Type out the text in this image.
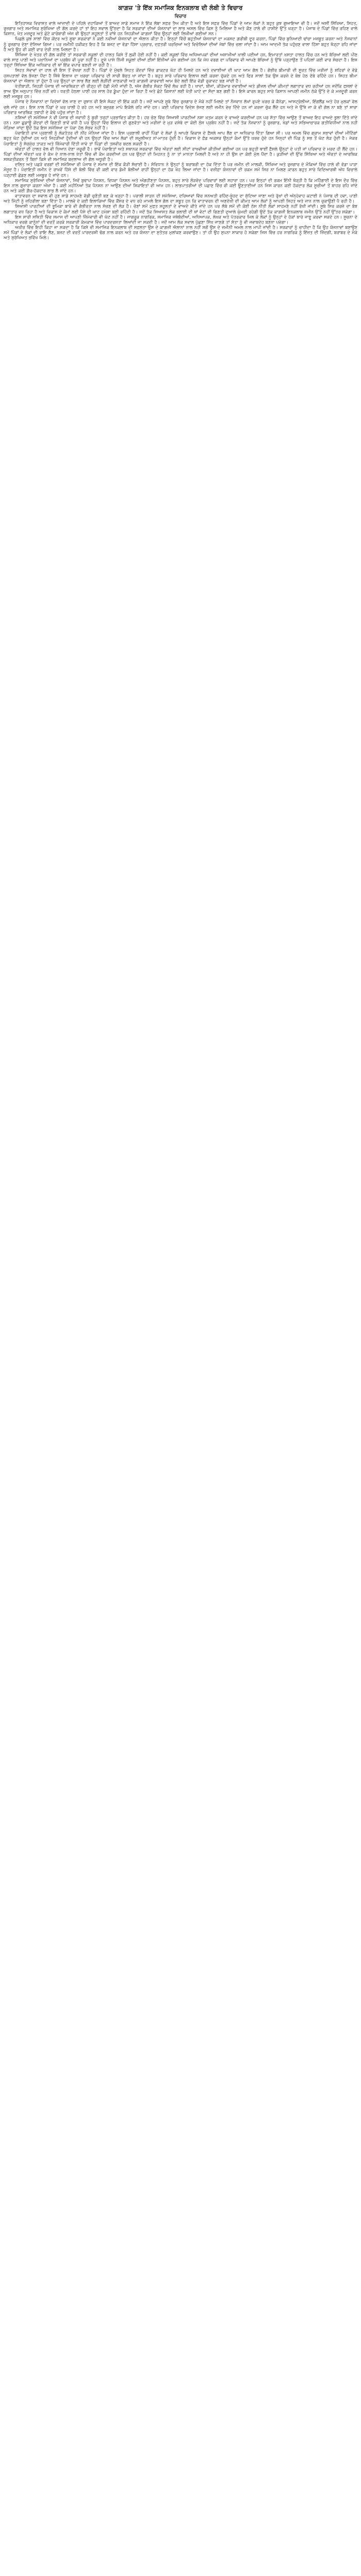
ਕਾਗ਼ਜ਼ 'ਤੇ ਇੱਕ ਸਮਾਜਿਕ ਇਨਕਲਾਬ ਦੀ ਲੰਬੀ ਤੇ ਵਿਚਾਰ
ਵਿਚਾਰ

ਇਤਿਹਾਸਕ ਵਿਰਾਸਤ ਵਾਲੇ ਆਜ਼ਾਦੀ ਦੇ ਪਹਿਲੇ ਦਹਾਕਿਆਂ ਤੋਂ ਬਾਅਦ ਸਾਡੇ ਸਮਾਜ ਨੇ ਇੱਕ ਲੰਬਾ ਸਫ਼ਰ ਤੈਅ ਕੀਤਾ ਹੈ ਅਤੇ ਇਸ ਸਫ਼ਰ ਵਿੱਚ ਪਿੰਡਾਂ ਦੇ ਆਮ ਲੋਕਾਂ ਨੇ ਬਹੁਤ ਕੁਝ ਗੁਆਇਆ ਵੀ ਹੈ। ਜਦੋਂ ਅਸੀਂ ਸਿੱਖਿਆ, ਸਿਹਤ, ਰੁਜ਼ਗਾਰ ਅਤੇ ਸਮਾਜਿਕ ਸੁਰੱਖਿਆ ਦੀ ਗੱਲ ਕਰਦੇ ਹਾਂ ਤਾਂ ਇਹ ਸਵਾਲ ਉੱਠਦਾ ਹੈ ਕਿ ਸਰਕਾਰਾਂ ਦੀਆਂ ਯੋਜਨਾਵਾਂ ਦਾ ਲਾਭ ਅਸਲ ਵਿੱਚ ਕਿਸ ਨੂੰ ਮਿਲਿਆ ਹੈ ਅਤੇ ਕੌਣ ਹਾਲੇ ਵੀ ਹਾਸ਼ੀਏ ਉੱਤੇ ਖੜ੍ਹਾ ਹੈ। ਪੰਜਾਬ ਦੇ ਪਿੰਡਾਂ ਵਿੱਚ ਰਹਿਣ ਵਾਲੇ ਕਿਸਾਨ, ਖੇਤ ਮਜ਼ਦੂਰ ਅਤੇ ਛੋਟੇ ਕਾਰੋਬਾਰੀ ਅੱਜ ਵੀ ਉਨ੍ਹਾਂ ਸਹੂਲਤਾਂ ਤੋਂ ਵਾਂਝੇ ਹਨ ਜਿਹੜੀਆਂ ਕਾਗ਼ਜ਼ਾਂ ਵਿੱਚ ਉਨ੍ਹਾਂ ਲਈ ਲਿਖੀਆਂ ਗਈਆਂ ਸਨ।

ਪਿਛਲੇ ਕੁਝ ਸਾਲਾਂ ਵਿੱਚ ਕੇਂਦਰ ਅਤੇ ਸੂਬਾ ਸਰਕਾਰਾਂ ਨੇ ਕਈ ਨਵੀਆਂ ਯੋਜਨਾਵਾਂ ਦਾ ਐਲਾਨ ਕੀਤਾ ਹੈ। ਇਨ੍ਹਾਂ ਵਿੱਚੋਂ ਬਹੁਤੀਆਂ ਯੋਜਨਾਵਾਂ ਦਾ ਮਕਸਦ ਗ਼ਰੀਬੀ ਦੂਰ ਕਰਨਾ, ਪਿੰਡਾਂ ਵਿੱਚ ਬੁਨਿਆਦੀ ਢਾਂਚਾ ਮਜ਼ਬੂਤ ਕਰਨਾ ਅਤੇ ਨੌਜਵਾਨਾਂ ਨੂੰ ਰੁਜ਼ਗਾਰ ਦੇਣਾ ਦੱਸਿਆ ਗਿਆ। ਪਰ ਜ਼ਮੀਨੀ ਹਕੀਕਤ ਇਹ ਹੈ ਕਿ ਬਜਟ ਦਾ ਵੱਡਾ ਹਿੱਸਾ ਪ੍ਰਚਾਰ, ਦਫ਼ਤਰੀ ਖ਼ਰਚਿਆਂ ਅਤੇ ਵਿਚੋਲਿਆਂ ਦੀਆਂ ਜੇਬਾਂ ਵਿੱਚ ਚਲਾ ਜਾਂਦਾ ਹੈ। ਆਮ ਆਦਮੀ ਤੱਕ ਪਹੁੰਚਣ ਵਾਲਾ ਹਿੱਸਾ ਬਹੁਤ ਥੋੜ੍ਹਾ ਰਹਿ ਜਾਂਦਾ ਹੈ ਅਤੇ ਉਹ ਵੀ ਕਈ ਵਾਰ ਦੇਰੀ ਨਾਲ ਮਿਲਦਾ ਹੈ।

ਸਿੱਖਿਆ ਦੇ ਖੇਤਰ ਦੀ ਗੱਲ ਕਰੀਏ ਤਾਂ ਸਰਕਾਰੀ ਸਕੂਲਾਂ ਦੀ ਹਾਲਤ ਕਿਸੇ ਤੋਂ ਲੁਕੀ ਹੋਈ ਨਹੀਂ ਹੈ। ਕਈ ਸਕੂਲਾਂ ਵਿੱਚ ਅਧਿਆਪਕਾਂ ਦੀਆਂ ਅਸਾਮੀਆਂ ਖ਼ਾਲੀ ਪਈਆਂ ਹਨ, ਇਮਾਰਤਾਂ ਖ਼ਸਤਾ ਹਾਲਤ ਵਿੱਚ ਹਨ ਅਤੇ ਬੱਚਿਆਂ ਲਈ ਪੀਣ ਵਾਲੇ ਸਾਫ਼ ਪਾਣੀ ਅਤੇ ਪਖ਼ਾਨਿਆਂ ਦਾ ਪ੍ਰਬੰਧ ਵੀ ਪੂਰਾ ਨਹੀਂ ਹੈ। ਦੂਜੇ ਪਾਸੇ ਨਿੱਜੀ ਸਕੂਲਾਂ ਦੀਆਂ ਫ਼ੀਸਾਂ ਇੰਨੀਆਂ ਵਧ ਗਈਆਂ ਹਨ ਕਿ ਮੱਧ ਵਰਗ ਦਾ ਪਰਿਵਾਰ ਵੀ ਆਪਣੇ ਬੱਚਿਆਂ ਨੂੰ ਉੱਥੇ ਪੜ੍ਹਾਉਣ ਤੋਂ ਪਹਿਲਾਂ ਕਈ ਵਾਰ ਸੋਚਦਾ ਹੈ। ਇਸ ਤਰ੍ਹਾਂ ਸਿੱਖਿਆ ਇੱਕ ਅਧਿਕਾਰ ਦੀ ਥਾਂ ਇੱਕ ਵਪਾਰ ਬਣਦੀ ਜਾ ਰਹੀ ਹੈ।

ਸਿਹਤ ਸੇਵਾਵਾਂ ਦਾ ਹਾਲ ਵੀ ਇਸ ਤੋਂ ਵੱਖਰਾ ਨਹੀਂ ਹੈ। ਪਿੰਡਾਂ ਦੇ ਮੁੱਢਲੇ ਸਿਹਤ ਕੇਂਦਰਾਂ ਵਿੱਚ ਡਾਕਟਰ ਘੱਟ ਹੀ ਮਿਲਦੇ ਹਨ ਅਤੇ ਦਵਾਈਆਂ ਦੀ ਘਾਟ ਆਮ ਗੱਲ ਹੈ। ਗੰਭੀਰ ਬੀਮਾਰੀ ਦੀ ਸੂਰਤ ਵਿੱਚ ਮਰੀਜ਼ਾਂ ਨੂੰ ਸ਼ਹਿਰਾਂ ਦੇ ਵੱਡੇ ਹਸਪਤਾਲਾਂ ਵੱਲ ਭੱਜਣਾ ਪੈਂਦਾ ਹੈ ਜਿੱਥੇ ਇਲਾਜ ਦਾ ਖ਼ਰਚਾ ਪਰਿਵਾਰ ਦੀ ਸਾਰੀ ਬੱਚਤ ਖਾ ਜਾਂਦਾ ਹੈ। ਬਹੁਤ ਸਾਰੇ ਪਰਿਵਾਰ ਇਲਾਜ ਲਈ ਕਰਜ਼ਾ ਚੁੱਕਦੇ ਹਨ ਅਤੇ ਫਿਰ ਸਾਲਾਂ ਤੱਕ ਉਸ ਕਰਜ਼ੇ ਦੇ ਬੋਝ ਹੇਠ ਦੱਬੇ ਰਹਿੰਦੇ ਹਨ। ਸਿਹਤ ਬੀਮਾ ਯੋਜਨਾਵਾਂ ਦਾ ਐਲਾਨ ਤਾਂ ਹੁੰਦਾ ਹੈ ਪਰ ਉਨ੍ਹਾਂ ਦਾ ਲਾਭ ਲੈਣ ਲਈ ਲੋੜੀਂਦੀ ਜਾਣਕਾਰੀ ਅਤੇ ਕਾਗ਼ਜ਼ੀ ਕਾਰਵਾਈ ਆਮ ਬੰਦੇ ਲਈ ਇੱਕ ਵੱਡੀ ਰੁਕਾਵਟ ਬਣ ਜਾਂਦੀ ਹੈ।

ਖੇਤੀਬਾੜੀ, ਜਿਹੜੀ ਪੰਜਾਬ ਦੀ ਆਰਥਿਕਤਾ ਦੀ ਰੀੜ੍ਹ ਦੀ ਹੱਡੀ ਮੰਨੀ ਜਾਂਦੀ ਹੈ, ਅੱਜ ਗੰਭੀਰ ਸੰਕਟ ਵਿੱਚੋਂ ਲੰਘ ਰਹੀ ਹੈ। ਖਾਦਾਂ, ਬੀਜਾਂ, ਕੀੜੇਮਾਰ ਦਵਾਈਆਂ ਅਤੇ ਡੀਜ਼ਲ ਦੀਆਂ ਕੀਮਤਾਂ ਲਗਾਤਾਰ ਵਧ ਰਹੀਆਂ ਹਨ ਜਦੋਂਕਿ ਫ਼ਸਲਾਂ ਦੇ ਭਾਅ ਉਸ ਅਨੁਪਾਤ ਵਿੱਚ ਨਹੀਂ ਵਧੇ। ਧਰਤੀ ਹੇਠਲਾ ਪਾਣੀ ਹਰ ਸਾਲ ਹੋਰ ਡੂੰਘਾ ਹੁੰਦਾ ਜਾ ਰਿਹਾ ਹੈ ਅਤੇ ਛੋਟੇ ਕਿਸਾਨਾਂ ਲਈ ਖੇਤੀ ਘਾਟੇ ਦਾ ਸੌਦਾ ਬਣ ਗਈ ਹੈ। ਇਸੇ ਕਾਰਨ ਬਹੁਤ ਸਾਰੇ ਕਿਸਾਨ ਆਪਣੀ ਜ਼ਮੀਨ ਠੇਕੇ ਉੱਤੇ ਦੇ ਕੇ ਮਜ਼ਦੂਰੀ ਕਰਨ ਲਈ ਮਜਬੂਰ ਹਨ।

ਪੰਜਾਬ ਦੇ ਨੌਜਵਾਨਾਂ ਦਾ ਵਿਦੇਸ਼ਾਂ ਵੱਲ ਜਾਣ ਦਾ ਰੁਝਾਨ ਵੀ ਇਸੇ ਸੰਕਟ ਦੀ ਇੱਕ ਕੜੀ ਹੈ। ਜਦੋਂ ਆਪਣੇ ਸੂਬੇ ਵਿੱਚ ਰੁਜ਼ਗਾਰ ਦੇ ਮੌਕੇ ਨਹੀਂ ਮਿਲਦੇ ਤਾਂ ਨੌਜਵਾਨ ਲੱਖਾਂ ਰੁਪਏ ਖ਼ਰਚ ਕੇ ਕੈਨੇਡਾ, ਆਸਟ੍ਰੇਲੀਆ, ਇੰਗਲੈਂਡ ਅਤੇ ਹੋਰ ਮੁਲਕਾਂ ਵੱਲ ਚਲੇ ਜਾਂਦੇ ਹਨ। ਇਸ ਨਾਲ ਪਿੰਡਾਂ ਦੇ ਘਰ ਖ਼ਾਲੀ ਹੋ ਰਹੇ ਹਨ ਅਤੇ ਬਜ਼ੁਰਗ ਮਾਪੇ ਇਕੱਲੇ ਰਹਿ ਜਾਂਦੇ ਹਨ। ਕਈ ਪਰਿਵਾਰ ਵਿਦੇਸ਼ ਭੇਜਣ ਲਈ ਜ਼ਮੀਨ ਵੇਚ ਦਿੰਦੇ ਹਨ ਜਾਂ ਕਰਜ਼ਾ ਚੁੱਕ ਲੈਂਦੇ ਹਨ ਅਤੇ ਜੇ ਉੱਥੇ ਜਾ ਕੇ ਵੀ ਗੱਲ ਨਾ ਬਣੇ ਤਾਂ ਸਾਰਾ ਪਰਿਵਾਰ ਆਰਥਿਕ ਤਬਾਹੀ ਦੇ ਕੰਢੇ ਪਹੁੰਚ ਜਾਂਦਾ ਹੈ।

ਨਸ਼ਿਆਂ ਦੀ ਸਮੱਸਿਆ ਨੇ ਵੀ ਪੰਜਾਬ ਦੀ ਜਵਾਨੀ ਨੂੰ ਬੁਰੀ ਤਰ੍ਹਾਂ ਪ੍ਰਭਾਵਿਤ ਕੀਤਾ ਹੈ। ਹਰ ਚੋਣ ਵਿੱਚ ਸਿਆਸੀ ਪਾਰਟੀਆਂ ਨਸ਼ਾ ਖ਼ਤਮ ਕਰਨ ਦੇ ਵਾਅਦੇ ਕਰਦੀਆਂ ਹਨ ਪਰ ਸੱਤਾ ਵਿੱਚ ਆਉਣ ਤੋਂ ਬਾਅਦ ਇਹ ਵਾਅਦੇ ਭੁਲਾ ਦਿੱਤੇ ਜਾਂਦੇ ਹਨ। ਨਸ਼ਾ ਛੁਡਾਊ ਕੇਂਦਰਾਂ ਦੀ ਗਿਣਤੀ ਭਾਵੇਂ ਵਧੀ ਹੈ ਪਰ ਉਨ੍ਹਾਂ ਵਿੱਚ ਇਲਾਜ ਦੀ ਗੁਣਵੱਤਾ ਅਤੇ ਮਰੀਜ਼ਾਂ ਦੇ ਮੁੜ ਵਸੇਬੇ ਦਾ ਕੋਈ ਠੋਸ ਪ੍ਰਬੰਧ ਨਹੀਂ ਹੈ। ਜਦੋਂ ਤੱਕ ਨੌਜਵਾਨਾਂ ਨੂੰ ਰੁਜ਼ਗਾਰ, ਖੇਡਾਂ ਅਤੇ ਸਭਿਆਚਾਰਕ ਗਤੀਵਿਧੀਆਂ ਨਾਲ ਨਹੀਂ ਜੋੜਿਆ ਜਾਂਦਾ ਉਦੋਂ ਤੱਕ ਇਸ ਸਮੱਸਿਆ ਦਾ ਪੱਕਾ ਹੱਲ ਸੰਭਵ ਨਹੀਂ ਹੈ।

ਪੰਚਾਇਤੀ ਰਾਜ ਪ੍ਰਣਾਲੀ ਨੂੰ ਲੋਕਤੰਤਰ ਦੀ ਨੀਂਹ ਮੰਨਿਆ ਜਾਂਦਾ ਹੈ। ਇਸ ਪ੍ਰਣਾਲੀ ਰਾਹੀਂ ਪਿੰਡਾਂ ਦੇ ਲੋਕਾਂ ਨੂੰ ਆਪਣੇ ਵਿਕਾਸ ਦੇ ਫ਼ੈਸਲੇ ਆਪ ਲੈਣ ਦਾ ਅਧਿਕਾਰ ਦਿੱਤਾ ਗਿਆ ਸੀ। ਪਰ ਅਮਲ ਵਿੱਚ ਗ੍ਰਾਮ ਸਭਾਵਾਂ ਦੀਆਂ ਮੀਟਿੰਗਾਂ ਬਹੁਤ ਘੱਟ ਹੁੰਦੀਆਂ ਹਨ ਅਤੇ ਜਿਹੜੀਆਂ ਹੁੰਦੀਆਂ ਵੀ ਹਨ ਉਨ੍ਹਾਂ ਵਿੱਚ ਆਮ ਲੋਕਾਂ ਦੀ ਸ਼ਮੂਲੀਅਤ ਨਾਂ-ਮਾਤਰ ਹੁੰਦੀ ਹੈ। ਵਿਕਾਸ ਦੇ ਫ਼ੰਡ ਅਕਸਰ ਉਨ੍ਹਾਂ ਕੰਮਾਂ ਉੱਤੇ ਖ਼ਰਚ ਹੁੰਦੇ ਹਨ ਜਿਨ੍ਹਾਂ ਦੀ ਪਿੰਡ ਨੂੰ ਸਭ ਤੋਂ ਘੱਟ ਲੋੜ ਹੁੰਦੀ ਹੈ। ਜੇਕਰ ਪੰਚਾਇਤਾਂ ਨੂੰ ਸੱਚਮੁੱਚ ਤਾਕਤ ਅਤੇ ਜ਼ਿੰਮੇਵਾਰੀ ਦਿੱਤੀ ਜਾਵੇ ਤਾਂ ਪਿੰਡਾਂ ਦੀ ਤਸਵੀਰ ਬਦਲ ਸਕਦੀ ਹੈ।

ਔਰਤਾਂ ਦੀ ਹਾਲਤ ਵੱਲ ਵੀ ਧਿਆਨ ਦੇਣਾ ਜ਼ਰੂਰੀ ਹੈ। ਭਾਵੇਂ ਪੰਚਾਇਤਾਂ ਅਤੇ ਸਥਾਨਕ ਸਰਕਾਰਾਂ ਵਿੱਚ ਔਰਤਾਂ ਲਈ ਸੀਟਾਂ ਰਾਖਵੀਆਂ ਕੀਤੀਆਂ ਗਈਆਂ ਹਨ ਪਰ ਬਹੁਤੀ ਥਾਈਂ ਫ਼ੈਸਲੇ ਉਨ੍ਹਾਂ ਦੇ ਪਤੀ ਜਾਂ ਪਰਿਵਾਰ ਦੇ ਮਰਦ ਹੀ ਲੈਂਦੇ ਹਨ। ਪਿੰਡਾਂ ਦੀਆਂ ਔਰਤਾਂ ਘਰ ਦੇ ਕੰਮ ਦੇ ਨਾਲ-ਨਾਲ ਖੇਤਾਂ ਵਿੱਚ ਵੀ ਕੰਮ ਕਰਦੀਆਂ ਹਨ ਪਰ ਉਨ੍ਹਾਂ ਦੀ ਮਿਹਨਤ ਨੂੰ ਨਾ ਤਾਂ ਮਾਨਤਾ ਮਿਲਦੀ ਹੈ ਅਤੇ ਨਾ ਹੀ ਉਸ ਦਾ ਕੋਈ ਮੁੱਲ ਪੈਂਦਾ ਹੈ। ਕੁੜੀਆਂ ਦੀ ਉੱਚ ਸਿੱਖਿਆ ਅਤੇ ਔਰਤਾਂ ਦੇ ਆਰਥਿਕ ਸਸ਼ਕਤੀਕਰਨ ਤੋਂ ਬਿਨਾਂ ਕਿਸੇ ਵੀ ਸਮਾਜਿਕ ਬਦਲਾਅ ਦੀ ਗੱਲ ਅਧੂਰੀ ਹੈ।

ਦਲਿਤ ਅਤੇ ਪਛੜੇ ਵਰਗਾਂ ਦੀ ਸਮੱਸਿਆ ਵੀ ਪੰਜਾਬ ਦੇ ਸਮਾਜ ਦੀ ਇੱਕ ਕੌੜੀ ਸੱਚਾਈ ਹੈ। ਸੰਵਿਧਾਨ ਨੇ ਉਨ੍ਹਾਂ ਨੂੰ ਬਰਾਬਰੀ ਦਾ ਹੱਕ ਦਿੱਤਾ ਹੈ ਪਰ ਜ਼ਮੀਨ ਦੀ ਮਾਲਕੀ, ਸਿੱਖਿਆ ਅਤੇ ਰੁਜ਼ਗਾਰ ਦੇ ਮੌਕਿਆਂ ਵਿੱਚ ਹਾਲੇ ਵੀ ਵੱਡਾ ਪਾੜਾ ਮੌਜੂਦ ਹੈ। ਪੰਚਾਇਤੀ ਜ਼ਮੀਨ ਦੇ ਰਾਖਵੇਂ ਹਿੱਸੇ ਦੀ ਬੋਲੀ ਵਿੱਚ ਵੀ ਕਈ ਵਾਰ ਡੰਮੀ ਬੋਲੀਆਂ ਰਾਹੀਂ ਉਨ੍ਹਾਂ ਦਾ ਹੱਕ ਖੋਹ ਲਿਆ ਜਾਂਦਾ ਹੈ। ਵਜ਼ੀਫ਼ਾ ਯੋਜਨਾਵਾਂ ਦੀ ਰਕਮ ਸਮੇਂ ਸਿਰ ਨਾ ਮਿਲਣ ਕਾਰਨ ਬਹੁਤ ਸਾਰੇ ਵਿਦਿਆਰਥੀ ਅੱਧ ਵਿਚਾਲੇ ਪੜ੍ਹਾਈ ਛੱਡਣ ਲਈ ਮਜਬੂਰ ਹੋ ਜਾਂਦੇ ਹਨ।

ਸਮਾਜਿਕ ਸੁਰੱਖਿਆ ਦੀਆਂ ਯੋਜਨਾਵਾਂ, ਜਿਵੇਂ ਬੁਢਾਪਾ ਪੈਨਸ਼ਨ, ਵਿਧਵਾ ਪੈਨਸ਼ਨ ਅਤੇ ਅੰਗਹੀਣਤਾ ਪੈਨਸ਼ਨ, ਬਹੁਤ ਸਾਰੇ ਲੋੜਵੰਦ ਪਰਿਵਾਰਾਂ ਲਈ ਸਹਾਰਾ ਹਨ। ਪਰ ਇਨ੍ਹਾਂ ਦੀ ਰਕਮ ਇੰਨੀ ਥੋੜ੍ਹੀ ਹੈ ਕਿ ਮਹਿੰਗਾਈ ਦੇ ਇਸ ਦੌਰ ਵਿੱਚ ਇਸ ਨਾਲ ਗੁਜ਼ਾਰਾ ਕਰਨਾ ਔਖਾ ਹੈ। ਕਈ ਮਹੀਨਿਆਂ ਤੱਕ ਪੈਨਸ਼ਨ ਨਾ ਆਉਣ ਦੀਆਂ ਸ਼ਿਕਾਇਤਾਂ ਵੀ ਆਮ ਹਨ। ਲਾਭਪਾਤਰੀਆਂ ਦੀ ਪਛਾਣ ਵਿੱਚ ਵੀ ਕਈ ਊਣਤਾਈਆਂ ਹਨ ਜਿਸ ਕਾਰਨ ਕਈ ਹੱਕਦਾਰ ਲੋਕ ਸੂਚੀਆਂ ਤੋਂ ਬਾਹਰ ਰਹਿ ਜਾਂਦੇ ਹਨ ਅਤੇ ਕਈ ਗ਼ੈਰ-ਹੱਕਦਾਰ ਲਾਭ ਲੈ ਜਾਂਦੇ ਹਨ।

ਵਾਤਾਵਰਨ ਦਾ ਸਵਾਲ ਵੀ ਹੁਣ ਸਾਡੇ ਸਾਹਮਣੇ ਵੱਡੀ ਚੁਣੌਤੀ ਬਣ ਕੇ ਖੜ੍ਹਾ ਹੈ। ਪਰਾਲੀ ਸਾੜਨ ਦੀ ਸਮੱਸਿਆ, ਦਰਿਆਵਾਂ ਵਿੱਚ ਸਨਅਤੀ ਰਹਿੰਦ-ਖੂੰਹਦ ਦਾ ਸੁੱਟਿਆ ਜਾਣਾ ਅਤੇ ਰੁੱਖਾਂ ਦੀ ਅੰਨ੍ਹੇਵਾਹ ਕਟਾਈ ਨੇ ਪੰਜਾਬ ਦੀ ਹਵਾ, ਪਾਣੀ ਅਤੇ ਮਿੱਟੀ ਨੂੰ ਜ਼ਹਿਰੀਲਾ ਬਣਾ ਦਿੱਤਾ ਹੈ। ਮਾਲਵੇ ਦੇ ਕਈ ਇਲਾਕਿਆਂ ਵਿੱਚ ਕੈਂਸਰ ਦੇ ਵਧ ਰਹੇ ਮਾਮਲੇ ਇਸ ਗੱਲ ਦਾ ਸਬੂਤ ਹਨ ਕਿ ਵਾਤਾਵਰਨ ਦੀ ਅਣਦੇਖੀ ਦੀ ਕੀਮਤ ਆਮ ਲੋਕਾਂ ਨੂੰ ਆਪਣੀ ਸਿਹਤ ਅਤੇ ਜਾਨ ਨਾਲ ਚੁਕਾਉਣੀ ਪੈ ਰਹੀ ਹੈ।

ਸਿਆਸੀ ਪਾਰਟੀਆਂ ਦੀ ਭੂਮਿਕਾ ਬਾਰੇ ਵੀ ਗੰਭੀਰਤਾ ਨਾਲ ਸੋਚਣ ਦੀ ਲੋੜ ਹੈ। ਚੋਣਾਂ ਸਮੇਂ ਮੁਫ਼ਤ ਸਹੂਲਤਾਂ ਦੇ ਵਾਅਦੇ ਕੀਤੇ ਜਾਂਦੇ ਹਨ ਪਰ ਲੰਬੇ ਸਮੇਂ ਦੀ ਕੋਈ ਠੋਸ ਨੀਤੀ ਲੋਕਾਂ ਸਾਹਮਣੇ ਨਹੀਂ ਰੱਖੀ ਜਾਂਦੀ। ਸੂਬੇ ਸਿਰ ਕਰਜ਼ੇ ਦਾ ਬੋਝ ਲਗਾਤਾਰ ਵਧ ਰਿਹਾ ਹੈ ਅਤੇ ਵਿਕਾਸ ਦੇ ਕੰਮਾਂ ਲਈ ਪੈਸੇ ਦੀ ਘਾਟ ਹਮੇਸ਼ਾ ਬਣੀ ਰਹਿੰਦੀ ਹੈ। ਜਦੋਂ ਤੱਕ ਸਿਆਸਤ ਲੋਕ ਭਲਾਈ ਦੀ ਥਾਂ ਵੋਟਾਂ ਦੀ ਗਿਣਤੀ ਦੁਆਲੇ ਘੁੰਮਦੀ ਰਹੇਗੀ ਉਦੋਂ ਤੱਕ ਕਾਗ਼ਜ਼ੀ ਇਨਕਲਾਬ ਜ਼ਮੀਨ ਉੱਤੇ ਨਹੀਂ ਉੱਤਰ ਸਕੇਗਾ।

ਇਸ ਸਾਰੀ ਸਥਿਤੀ ਵਿੱਚ ਸਮਾਜ ਦੀ ਆਪਣੀ ਜ਼ਿੰਮੇਵਾਰੀ ਵੀ ਘੱਟ ਨਹੀਂ ਹੈ। ਜਾਗਰੂਕ ਨਾਗਰਿਕ, ਸਮਾਜਿਕ ਜਥੇਬੰਦੀਆਂ, ਅਧਿਆਪਕ, ਲੇਖਕ ਅਤੇ ਪੱਤਰਕਾਰ ਮਿਲ ਕੇ ਲੋਕਾਂ ਨੂੰ ਉਨ੍ਹਾਂ ਦੇ ਹੱਕਾਂ ਬਾਰੇ ਜਾਣੂ ਕਰਵਾ ਸਕਦੇ ਹਨ। ਸੂਚਨਾ ਦੇ ਅਧਿਕਾਰ ਵਰਗੇ ਕਾਨੂੰਨਾਂ ਦੀ ਵਰਤੋਂ ਕਰਕੇ ਸਰਕਾਰੀ ਕੰਮਕਾਜ ਵਿੱਚ ਪਾਰਦਰਸ਼ਤਾ ਲਿਆਂਦੀ ਜਾ ਸਕਦੀ ਹੈ। ਜਦੋਂ ਆਮ ਲੋਕ ਸਵਾਲ ਪੁੱਛਣਾ ਸਿੱਖ ਜਾਣਗੇ ਤਾਂ ਸੱਤਾ ਨੂੰ ਵੀ ਜਵਾਬਦੇਹ ਬਣਨਾ ਪਵੇਗਾ।

ਅਖ਼ੀਰ ਵਿੱਚ ਇਹੀ ਕਿਹਾ ਜਾ ਸਕਦਾ ਹੈ ਕਿ ਕਿਸੇ ਵੀ ਸਮਾਜਿਕ ਇਨਕਲਾਬ ਦੀ ਸਫ਼ਲਤਾ ਉਸ ਦੇ ਕਾਗ਼ਜ਼ੀ ਐਲਾਨਾਂ ਨਾਲ ਨਹੀਂ ਸਗੋਂ ਉਸ ਦੇ ਜ਼ਮੀਨੀ ਅਮਲ ਨਾਲ ਮਾਪੀ ਜਾਂਦੀ ਹੈ। ਸਰਕਾਰਾਂ ਨੂੰ ਚਾਹੀਦਾ ਹੈ ਕਿ ਉਹ ਯੋਜਨਾਵਾਂ ਬਣਾਉਣ ਸਮੇਂ ਪਿੰਡਾਂ ਦੇ ਲੋਕਾਂ ਦੀ ਰਾਇ ਲੈਣ, ਬਜਟ ਦੀ ਵਰਤੋਂ ਪਾਰਦਰਸ਼ੀ ਢੰਗ ਨਾਲ ਕਰਨ ਅਤੇ ਹਰ ਯੋਜਨਾ ਦਾ ਸੁਤੰਤਰ ਮੁਲਾਂਕਣ ਕਰਵਾਉਣ। ਤਾਂ ਹੀ ਉਹ ਸੁਪਨਾ ਸਾਕਾਰ ਹੋ ਸਕੇਗਾ ਜਿਸ ਵਿੱਚ ਹਰ ਨਾਗਰਿਕ ਨੂੰ ਇੱਜ਼ਤ ਦੀ ਜ਼ਿੰਦਗੀ, ਬਰਾਬਰ ਦੇ ਮੌਕੇ ਅਤੇ ਸੁਰੱਖਿਅਤ ਭਵਿੱਖ ਮਿਲੇ।
